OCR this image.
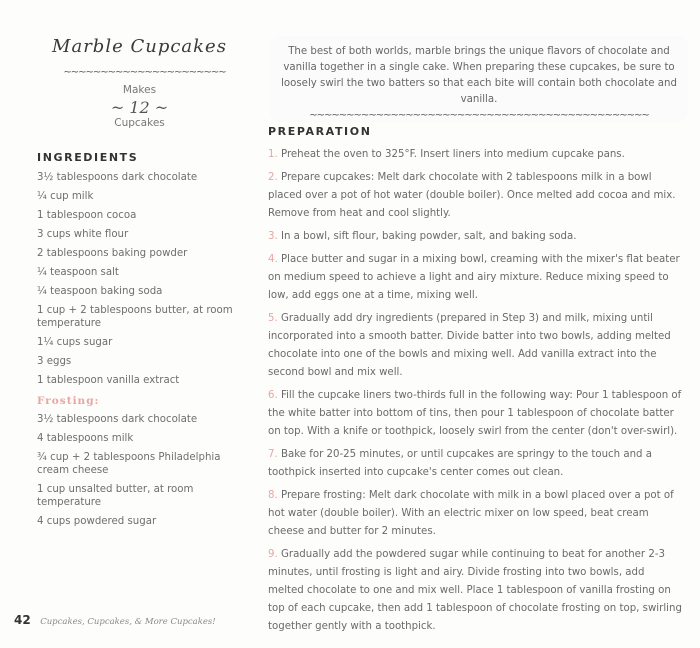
Marble Cupcakes
~~~~~~~~~~~~~~~~~~~~~~
Makes
~ 12 ~
Cupcakes
INGREDIENTS
3½ tablespoons dark chocolate
¼ cup milk
1 tablespoon cocoa
3 cups white flour
2 tablespoons baking powder
¼ teaspoon salt
¼ teaspoon baking soda
1 cup + 2 tablespoons butter, at room temperature
1¼ cups sugar
3 eggs
1 tablespoon vanilla extract
Frosting:
3½ tablespoons dark chocolate
4 tablespoons milk
¾ cup + 2 tablespoons Philadelphia cream cheese
1 cup unsalted butter, at room temperature
4 cups powdered sugar
The best of both worlds, marble brings the unique flavors of chocolate and vanilla together in a single cake. When preparing these cupcakes, be sure to loosely swirl the two batters so that each bite will contain both chocolate and vanilla.
~~~~~~~~~~~~~~~~~~~~~~~~~~~~~~~~~~~~~~~~~~~~~~
PREPARATION
1. Preheat the oven to 325°F. Insert liners into medium cupcake pans.
2. Prepare cupcakes: Melt dark chocolate with 2 tablespoons milk in a bowl placed over a pot of hot water (double boiler). Once melted add cocoa and mix. Remove from heat and cool slightly.
3. In a bowl, sift flour, baking powder, salt, and baking soda.
4. Place butter and sugar in a mixing bowl, creaming with the mixer's flat beater on medium speed to achieve a light and airy mixture. Reduce mixing speed to low, add eggs one at a time, mixing well.
5. Gradually add dry ingredients (prepared in Step 3) and milk, mixing until incorporated into a smooth batter. Divide batter into two bowls, adding melted chocolate into one of the bowls and mixing well. Add vanilla extract into the second bowl and mix well.
6. Fill the cupcake liners two-thirds full in the following way: Pour 1 tablespoon of the white batter into bottom of tins, then pour 1 tablespoon of chocolate batter on top. With a knife or toothpick, loosely swirl from the center (don't over-swirl).
7. Bake for 20-25 minutes, or until cupcakes are springy to the touch and a toothpick inserted into cupcake's center comes out clean.
8. Prepare frosting: Melt dark chocolate with milk in a bowl placed over a pot of hot water (double boiler). With an electric mixer on low speed, beat cream cheese and butter for 2 minutes.
9. Gradually add the powdered sugar while continuing to beat for another 2-3 minutes, until frosting is light and airy. Divide frosting into two bowls, add melted chocolate to one and mix well. Place 1 tablespoon of vanilla frosting on top of each cupcake, then add 1 tablespoon of chocolate frosting on top, swirling together gently with a toothpick.
42 Cupcakes, Cupcakes, & More Cupcakes!
